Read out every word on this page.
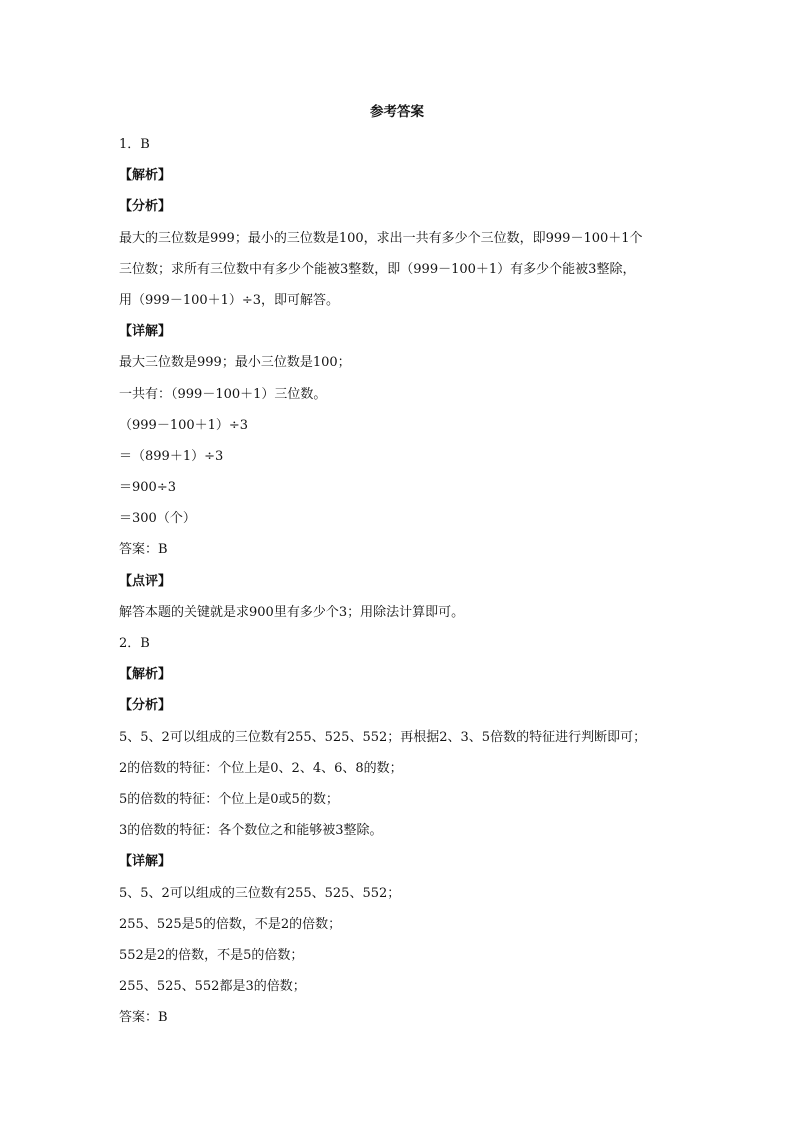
参考答案
1．B
【解析】
【分析】
最大的三位数是999；最小的三位数是100，求出一共有多少个三位数，即999－100＋1个
三位数；求所有三位数中有多少个能被3整数，即（999－100＋1）有多少个能被3整除，
用（999－100＋1）÷3，即可解答。
【详解】
最大三位数是999；最小三位数是100；
一共有：（999－100＋1）三位数。
（999－100＋1）÷3
＝（899＋1）÷3
＝900÷3
＝300（个）
答案：B
【点评】
解答本题的关键就是求900里有多少个3；用除法计算即可。
2．B
【解析】
【分析】
5、5、2可以组成的三位数有255、525、552；再根据2、3、5倍数的特征进行判断即可；
2的倍数的特征：个位上是0、2、4、6、8的数；
5的倍数的特征：个位上是0或5的数；
3的倍数的特征：各个数位之和能够被3整除。
【详解】
5、5、2可以组成的三位数有255、525、552；
255、525是5的倍数，不是2的倍数；
552是2的倍数，不是5的倍数；
255、525、552都是3的倍数；
答案：B
